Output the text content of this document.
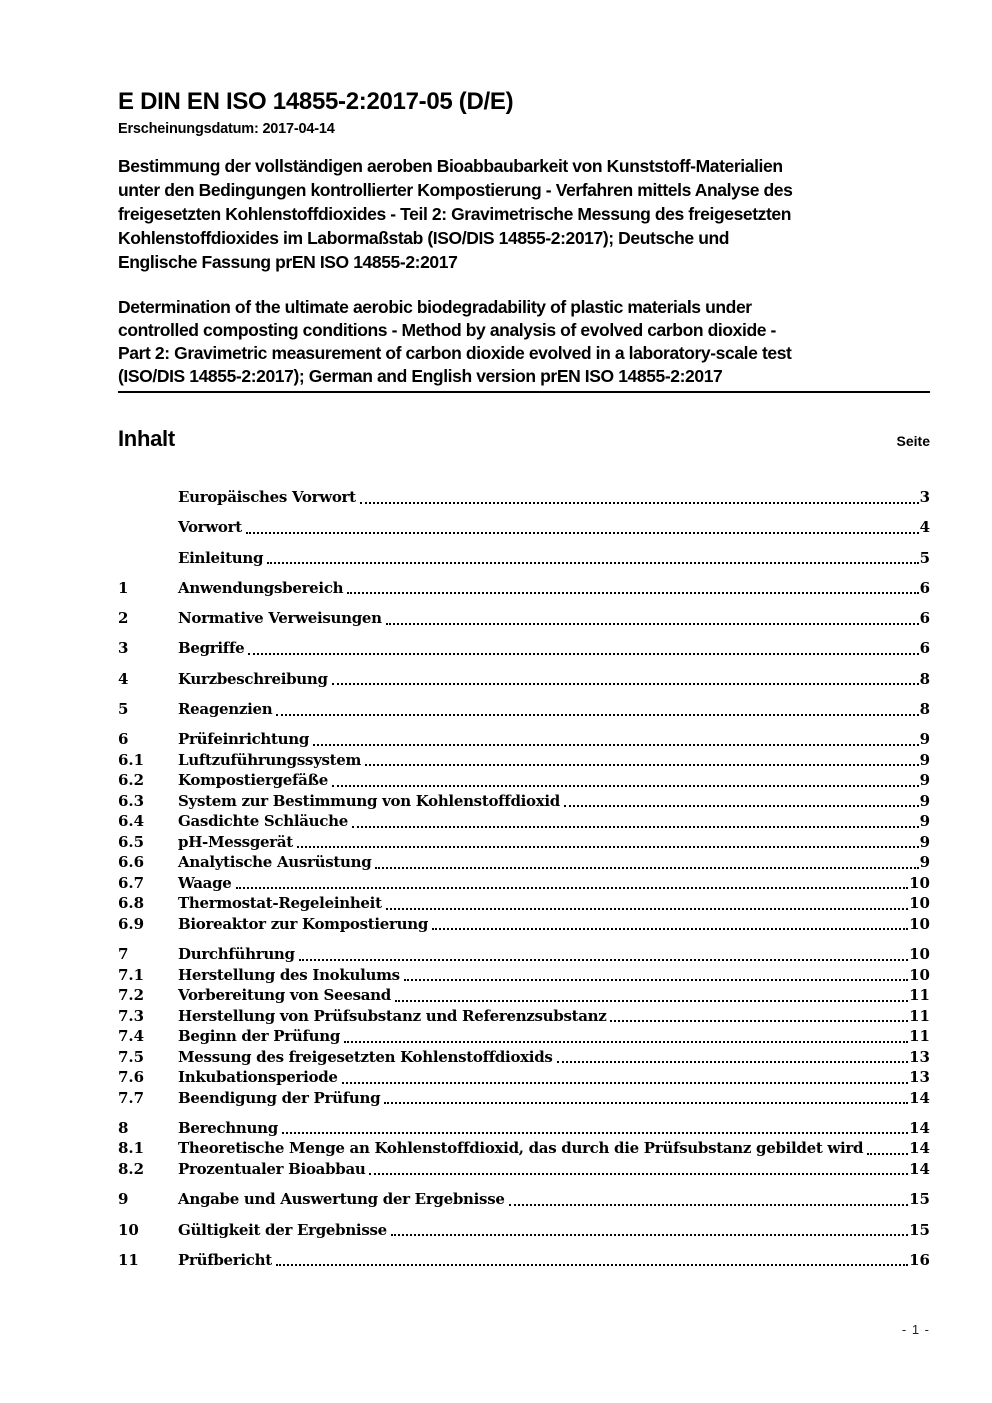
E DIN EN ISO 14855-2:2017-05 (D/E)
Erscheinungsdatum: 2017-04-14
Bestimmung der vollständigen aeroben Bioabbaubarkeit von Kunststoff-Materialien
unter den Bedingungen kontrollierter Kompostierung - Verfahren mittels Analyse des
freigesetzten Kohlenstoffdioxides - Teil 2: Gravimetrische Messung des freigesetzten
Kohlenstoffdioxides im Labormaßstab (ISO/DIS 14855-2:2017); Deutsche und
Englische Fassung prEN ISO 14855-2:2017
Determination of the ultimate aerobic biodegradability of plastic materials under
controlled composting conditions - Method by analysis of evolved carbon dioxide -
Part 2: Gravimetric measurement of carbon dioxide evolved in a laboratory-scale test
(ISO/DIS 14855-2:2017); German and English version prEN ISO 14855-2:2017
Inhalt	Seite
Europäisches Vorwort	3
Vorwort	4
Einleitung	5
1	Anwendungsbereich	6
2	Normative Verweisungen	6
3	Begriffe	6
4	Kurzbeschreibung	8
5	Reagenzien	8
6	Prüfeinrichtung	9
6.1	Luftzuführungssystem	9
6.2	Kompostiergefäße	9
6.3	System zur Bestimmung von Kohlenstoffdioxid	9
6.4	Gasdichte Schläuche	9
6.5	pH-Messgerät	9
6.6	Analytische Ausrüstung	9
6.7	Waage	10
6.8	Thermostat-Regeleinheit	10
6.9	Bioreaktor zur Kompostierung	10
7	Durchführung	10
7.1	Herstellung des Inokulums	10
7.2	Vorbereitung von Seesand	11
7.3	Herstellung von Prüfsubstanz und Referenzsubstanz	11
7.4	Beginn der Prüfung	11
7.5	Messung des freigesetzten Kohlenstoffdioxids	13
7.6	Inkubationsperiode	13
7.7	Beendigung der Prüfung	14
8	Berechnung	14
8.1	Theoretische Menge an Kohlenstoffdioxid, das durch die Prüfsubstanz gebildet wird	14
8.2	Prozentualer Bioabbau	14
9	Angabe und Auswertung der Ergebnisse	15
10	Gültigkeit der Ergebnisse	15
11	Prüfbericht	16
- 1 -
